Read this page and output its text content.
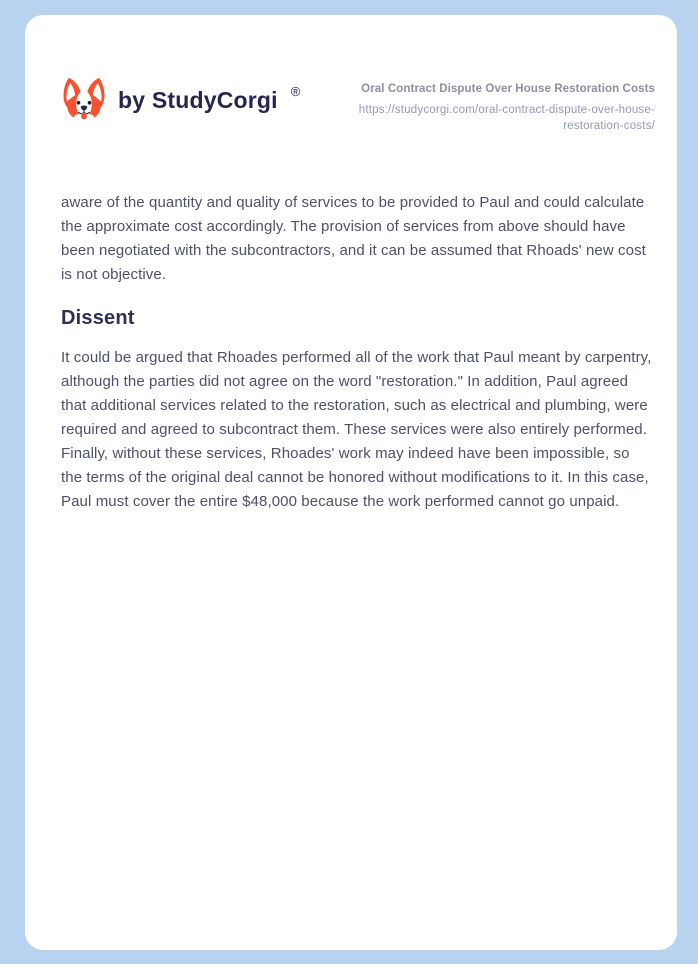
by StudyCorgi ®	Oral Contract Dispute Over House Restoration Costs
https://studycorgi.com/oral-contract-dispute-over-house-restoration-costs/

aware of the quantity and quality of services to be provided to Paul and could calculate the approximate cost accordingly. The provision of services from above should have been negotiated with the subcontractors, and it can be assumed that Rhoads' new cost is not objective.

Dissent

It could be argued that Rhoades performed all of the work that Paul meant by carpentry, although the parties did not agree on the word "restoration." In addition, Paul agreed that additional services related to the restoration, such as electrical and plumbing, were required and agreed to subcontract them. These services were also entirely performed. Finally, without these services, Rhoades' work may indeed have been impossible, so the terms of the original deal cannot be honored without modifications to it. In this case, Paul must cover the entire $48,000 because the work performed cannot go unpaid.
